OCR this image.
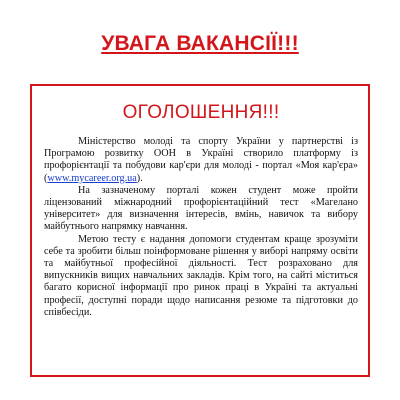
УВАГА ВАКАНСІЇ!!!
ОГОЛОШЕННЯ!!!

Міністерство молоді та спорту України у партнерстві із Програмою розвитку ООН в Україні створило платформу із профорієнтації та побудови кар'єри для молоді - портал «Моя кар'єра» (www.mycareer.org.ua).

На зазначеному порталі кожен студент може пройти ліцензований міжнародний профорієнтаційний тест «Магелано університет» для визначення інтересів, вмінь, навичок та вибору майбутнього напрямку навчання.

Метою тесту є надання допомоги студентам краще зрозуміти себе та зробити більш поінформоване рішення у виборі напряму освіти та майбутньої професійної діяльності. Тест розраховано для випускників вищих навчальних закладів. Крім того, на сайті міститься багато корисної інформації про ринок праці в Україні та актуальні професії, доступні поради щодо написання резюме та підготовки до співбесіди.
